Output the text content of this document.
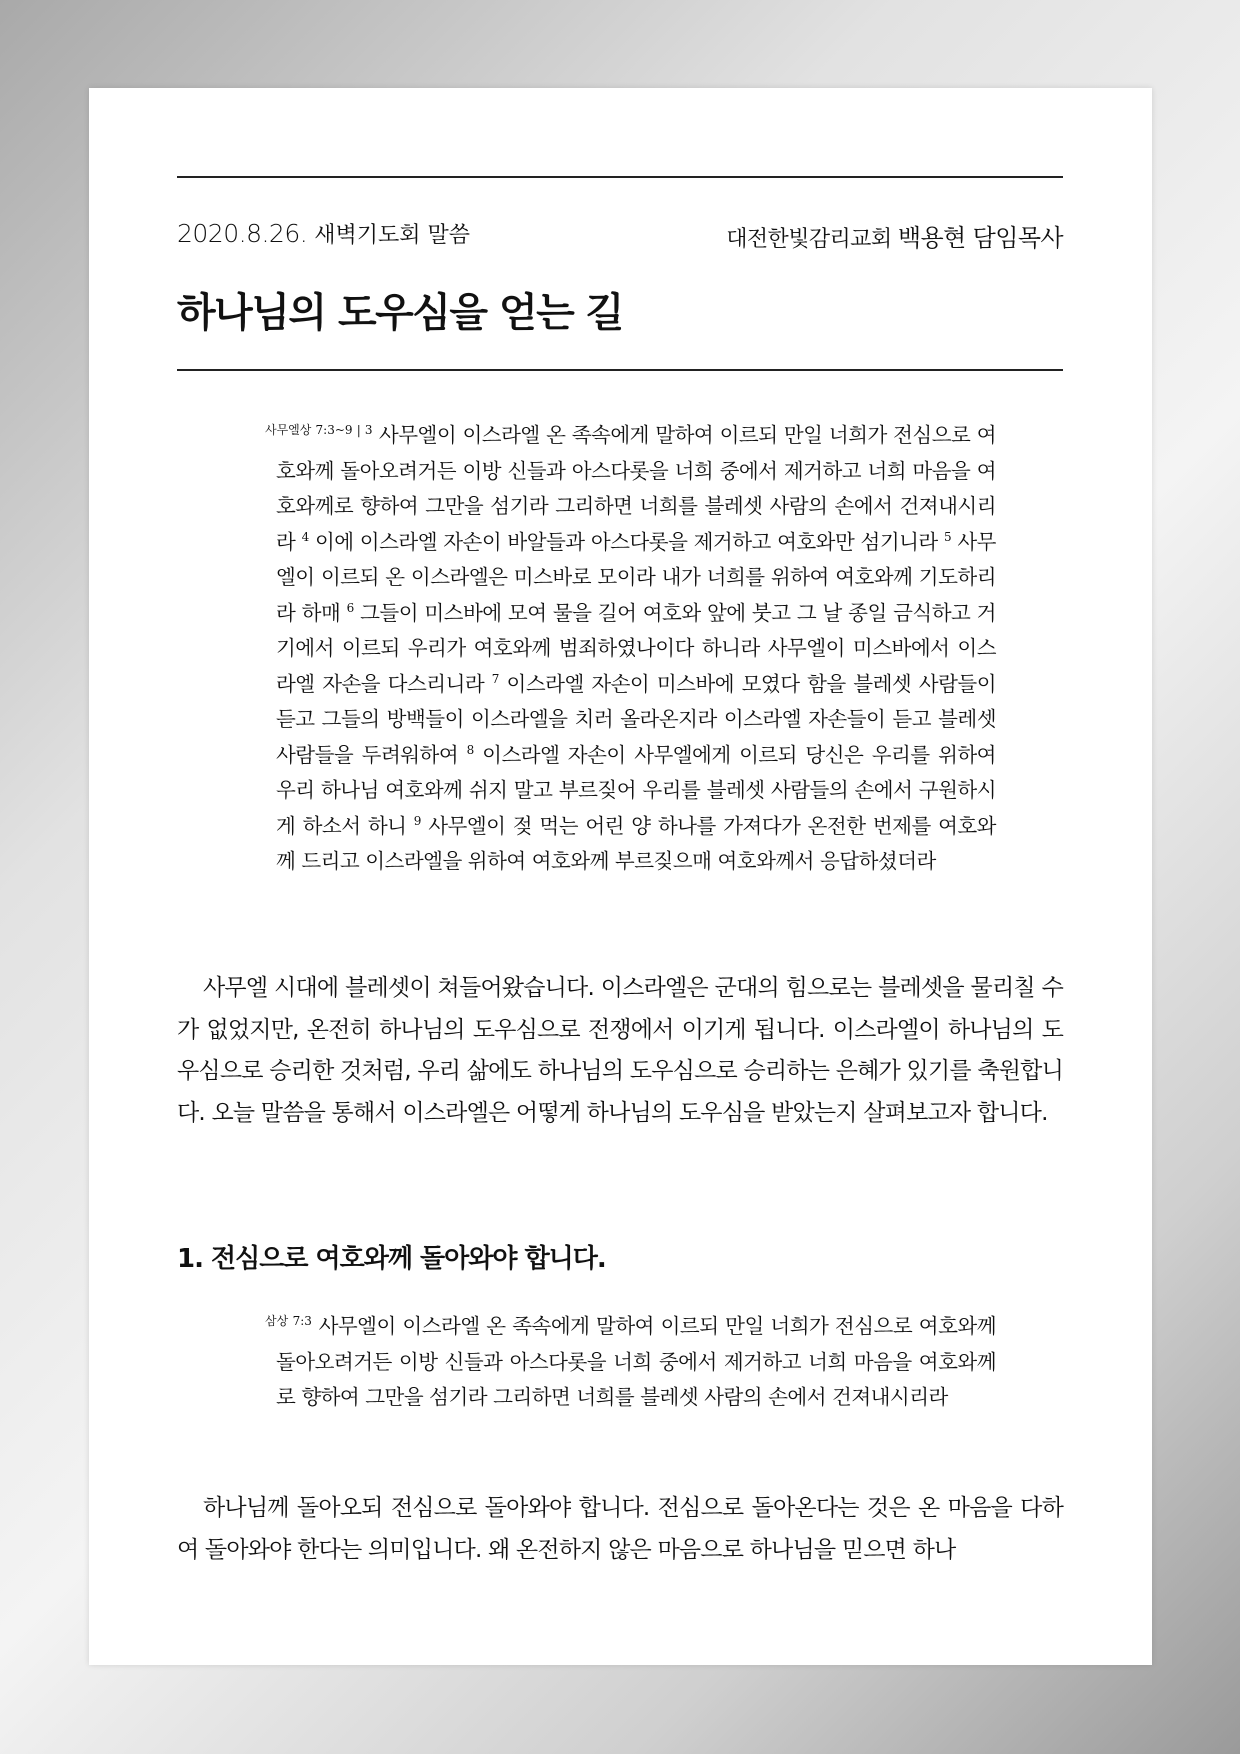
2020.8.26. 새벽기도회 말씀	대전한빛감리교회 백용현 담임목사
하나님의 도우심을 얻는 길

$^{사무엘상 7:3\sim 9 | 3}$ 사무엘이 이스라엘 온 족속에게 말하여 이르되 만일 너희가 전심으로 여호와께 돌아오려거든 이방 신들과 아스다롯을 너희 중에서 제거하고 너희 마음을 여호와께로 향하여 그만을 섬기라 그리하면 너희를 블레셋 사람의 손에서 건져내시리라 $^4$ 이에 이스라엘 자손이 바알들과 아스다롯을 제거하고 여호와만 섬기니라 $^5$ 사무엘이 이르되 온 이스라엘은 미스바로 모이라 내가 너희를 위하여 여호와께 기도하리라 하매 $^6$ 그들이 미스바에 모여 물을 길어 여호와 앞에 붓고 그 날 종일 금식하고 거기에서 이르되 우리가 여호와께 범죄하였나이다 하니라 사무엘이 미스바에서 이스라엘 자손을 다스리니라 $^7$ 이스라엘 자손이 미스바에 모였다 함을 블레셋 사람들이 듣고 그들의 방백들이 이스라엘을 치러 올라온지라 이스라엘 자손들이 듣고 블레셋 사람들을 두려워하여 $^8$ 이스라엘 자손이 사무엘에게 이르되 당신은 우리를 위하여 우리 하나님 여호와께 쉬지 말고 부르짖어 우리를 블레셋 사람들의 손에서 구원하시게 하소서 하니 $^9$ 사무엘이 젖 먹는 어린 양 하나를 가져다가 온전한 번제를 여호와께 드리고 이스라엘을 위하여 여호와께 부르짖으매 여호와께서 응답하셨더라

사무엘 시대에 블레셋이 쳐들어왔습니다. 이스라엘은 군대의 힘으로는 블레셋을 물리칠 수가 없었지만, 온전히 하나님의 도우심으로 전쟁에서 이기게 됩니다. 이스라엘이 하나님의 도우심으로 승리한 것처럼, 우리 삶에도 하나님의 도우심으로 승리하는 은혜가 있기를 축원합니다. 오늘 말씀을 통해서 이스라엘은 어떻게 하나님의 도우심을 받았는지 살펴보고자 합니다.

1. 전심으로 여호와께 돌아와야 합니다.

$^{삼상 7:3}$ 사무엘이 이스라엘 온 족속에게 말하여 이르되 만일 너희가 전심으로 여호와께 돌아오려거든 이방 신들과 아스다롯을 너희 중에서 제거하고 너희 마음을 여호와께로 향하여 그만을 섬기라 그리하면 너희를 블레셋 사람의 손에서 건져내시리라

하나님께 돌아오되 전심으로 돌아와야 합니다. 전심으로 돌아온다는 것은 온 마음을 다하여 돌아와야 한다는 의미입니다. 왜 온전하지 않은 마음으로 하나님을 믿으면 하나
